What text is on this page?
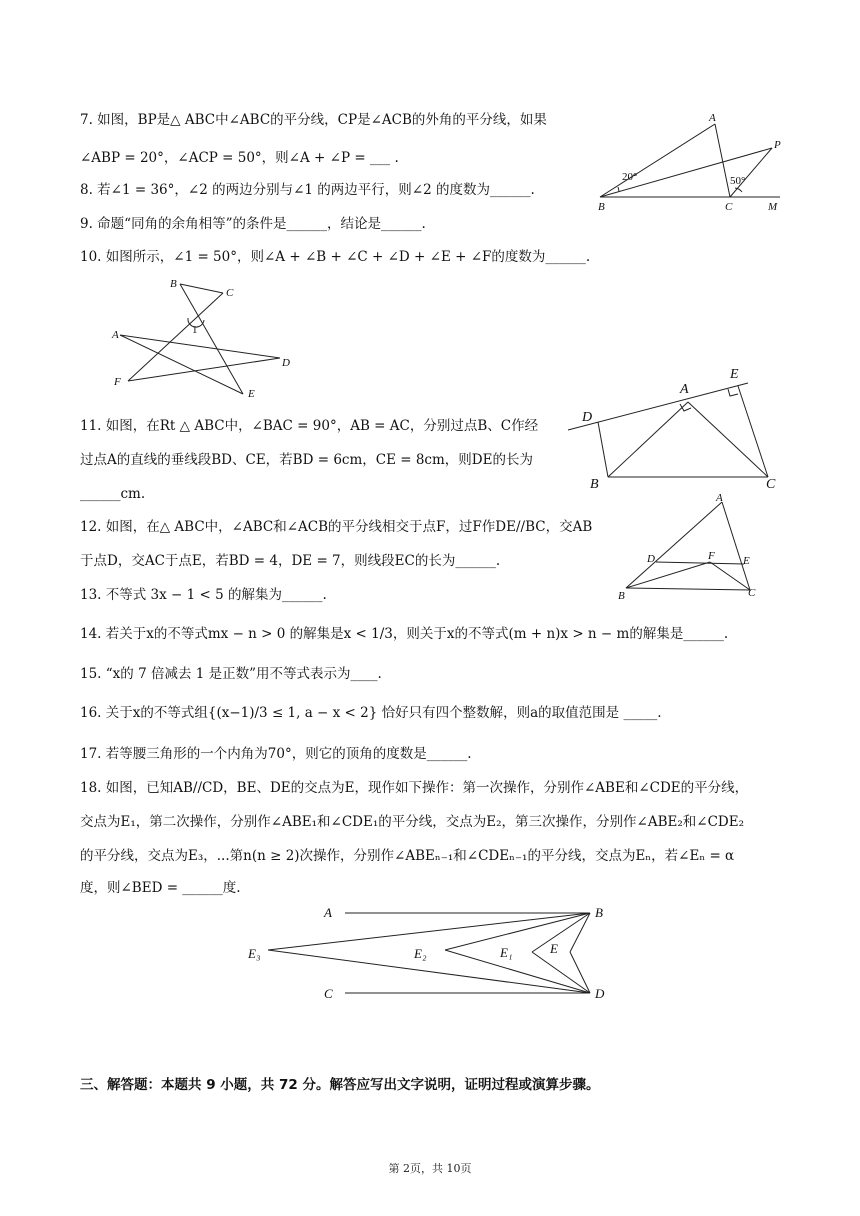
7. 如图，BP是△ ABC中∠ABC的平分线，CP是∠ACB的外角的平分线，如果
∠ABP = 20°，∠ACP = 50°，则∠A + ∠P = ___ .
8. 若∠1 = 36°，∠2 的两边分别与∠1 的两边平行，则∠2 的度数为______.
9. 命题“同角的余角相等”的条件是______，结论是______.
10. 如图所示，∠1 = 50°，则∠A + ∠B + ∠C + ∠D + ∠E + ∠F的度数为______.
11. 如图，在Rt △ ABC中，∠BAC = 90°，AB = AC，分别过点B、C作经
过点A的直线的垂线段BD、CE，若BD = 6cm，CE = 8cm，则DE的长为
______cm.
12. 如图，在△ ABC中，∠ABC和∠ACB的平分线相交于点F，过F作DE//BC，交AB
于点D，交AC于点E，若BD = 4，DE = 7，则线段EC的长为______.
13. 不等式 3x − 1 < 5 的解集为______.
14. 若关于x的不等式mx − n > 0 的解集是x < 1/3，则关于x的不等式(m + n)x > n − m的解集是______.
15. “x的 7 倍减去 1 是正数”用不等式表示为____.
16. 关于x的不等式组{(x−1)/3 ≤ 1, a − x < 2} 恰好只有四个整数解，则a的取值范围是 _____.
17. 若等腰三角形的一个内角为70°，则它的顶角的度数是______.
18. 如图，已知AB//CD，BE、DE的交点为E，现作如下操作：第一次操作，分别作∠ABE和∠CDE的平分线，
交点为E₁，第二次操作，分别作∠ABE₁和∠CDE₁的平分线，交点为E₂，第三次操作，分别作∠ABE₂和∠CDE₂
的平分线，交点为E₃，...第n(n ≥ 2)次操作，分别作∠ABEₙ₋₁和∠CDEₙ₋₁的平分线，交点为Eₙ，若∠Eₙ = α
度，则∠BED = ______度.
A
P
B	C	M
20°	50°
B
C
A
D
F
E
1
D
A
E
B	C
A
D	F	E
B	C
A	B
C	D
E₃	E₂	E₁	E
三、解答题：本题共 9 小题，共 72 分。解答应写出文字说明，证明过程或演算步骤。
第 2页，共 10页
